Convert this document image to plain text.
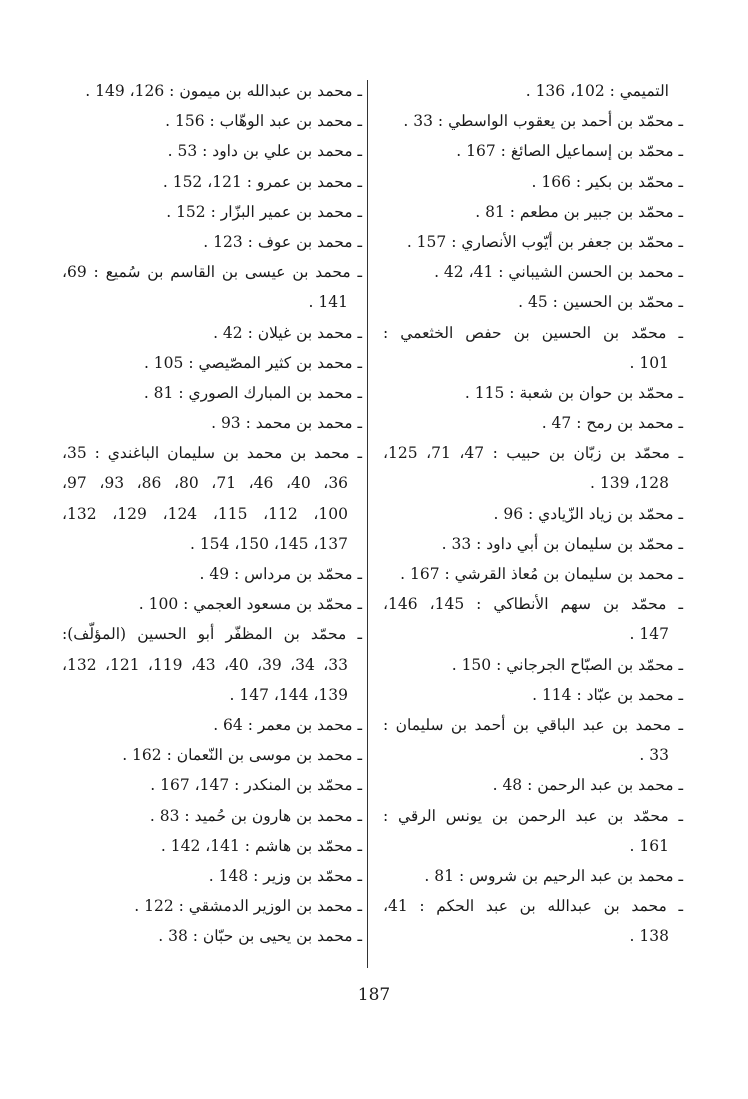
التميمي : 102، 136 .
ـ محمّد بن أحمد بن يعقوب الواسطي : 33 .
ـ محمّد بن إسماعيل الصائغ : 167 .
ـ محمّد بن بكير : 166 .
ـ محمّد بن جبير بن مطعم : 81 .
ـ محمّد بن جعفر بن أيّوب الأنصاري : 157 .
ـ محمد بن الحسن الشيباني : 41، 42 .
ـ محمّد بن الحسين : 45 .
ـ محمّد بن الحسين بن حفص الخثعمي :
101 .
ـ محمّد بن حوان بن شعبة : 115 .
ـ محمد بن رمح : 47 .
ـ محمّد بن زبّان بن حبيب : 47، 71، 125،
128، 139 .
ـ محمّد بن زياد الزّيادي : 96 .
ـ محمّد بن سليمان بن أبي داود : 33 .
ـ محمد بن سليمان بن مُعاذ القرشي : 167 .
ـ محمّد بن سهم الأنطاكي : 145، 146،
147 .
ـ محمّد بن الصبّاح الجرجاني : 150 .
ـ محمد بن عبّاد : 114 .
ـ محمد بن عبد الباقي بن أحمد بن سليمان :
33 .
ـ محمد بن عبد الرحمن : 48 .
ـ محمّد بن عبد الرحمن بن يونس الرقي :
161 .
ـ محمد بن عبد الرحيم بن شروس : 81 .
ـ محمد بن عبدالله بن عبد الحكم : 41،
138 .
ـ محمد بن عبدالله بن ميمون : 126، 149 .
ـ محمد بن عبد الوهّاب : 156 .
ـ محمد بن علي بن داود : 53 .
ـ محمد بن عمرو : 121، 152 .
ـ محمد بن عمير البزّار : 152 .
ـ محمد بن عوف : 123 .
ـ محمد بن عيسى بن القاسم بن سُميع : 69،
141 .
ـ محمد بن غيلان : 42 .
ـ محمد بن كثير المصّيصي : 105 .
ـ محمد بن المبارك الصوري : 81 .
ـ محمد بن محمد : 93 .
ـ محمد بن محمد بن سليمان الباغندي : 35،
36، 40، 46، 71، 80، 86، 93، 97،
100، 112، 115، 124، 129، 132،
137، 145، 150، 154 .
ـ محمّد بن مرداس : 49 .
ـ محمّد بن مسعود العجمي : 100 .
ـ محمّد بن المظفّر أبو الحسين (المؤلّف):
33، 34، 39، 40، 43، 119، 121، 132،
139، 144، 147 .
ـ محمد بن معمر : 64 .
ـ محمد بن موسى بن النّعمان : 162 .
ـ محمّد بن المنكدر : 147، 167 .
ـ محمد بن هارون بن حُميد : 83 .
ـ محمّد بن هاشم : 141، 142 .
ـ محمّد بن وزير : 148 .
ـ محمد بن الوزير الدمشقي : 122 .
ـ محمد بن يحيى بن حبّان : 38 .
187
